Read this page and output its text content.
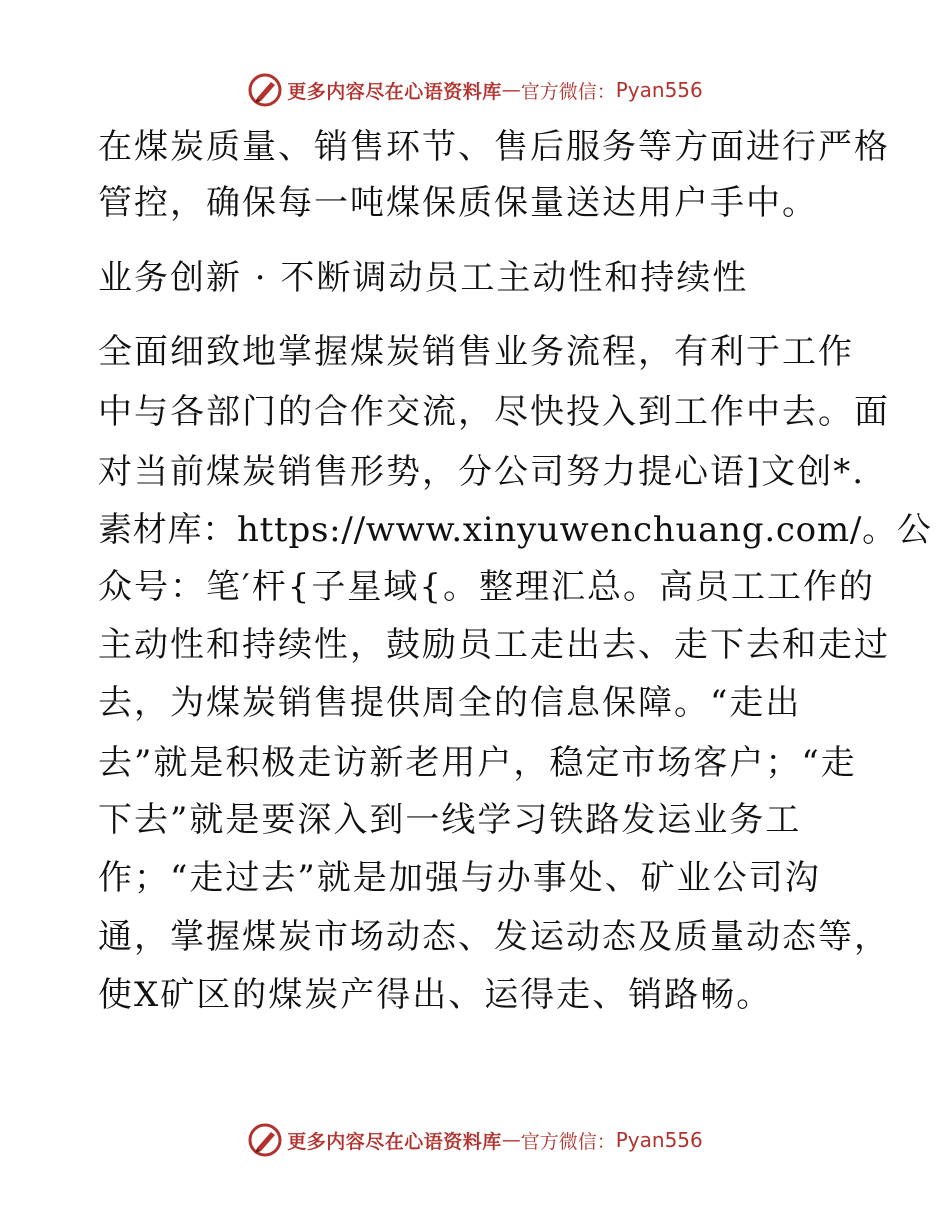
更多内容尽在心语资料库 — 官方微信： Pyan556
在煤炭质量、销售环节、售后服务等方面进行严格
管控，确保每一吨煤保质保量送达用户手中。
业务创新 · 不断调动员工主动性和持续性
全面细致地掌握煤炭销售业务流程，有利于工作
中与各部门的合作交流，尽快投入到工作中去。面
对当前煤炭销售形势，分公司努力提心语]文创*.
素材库：https://www.xinyuwenchuang.com/。公
众号：笔′杆{子星域{。整理汇总。高员工工作的
主动性和持续性，鼓励员工走出去、走下去和走过
去，为煤炭销售提供周全的信息保障。“走出
去”就是积极走访新老用户，稳定市场客户；“走
下去”就是要深入到一线学习铁路发运业务工
作；“走过去”就是加强与办事处、矿业公司沟
通，掌握煤炭市场动态、发运动态及质量动态等，
使X矿区的煤炭产得出、运得走、销路畅。
更多内容尽在心语资料库 — 官方微信： Pyan556
